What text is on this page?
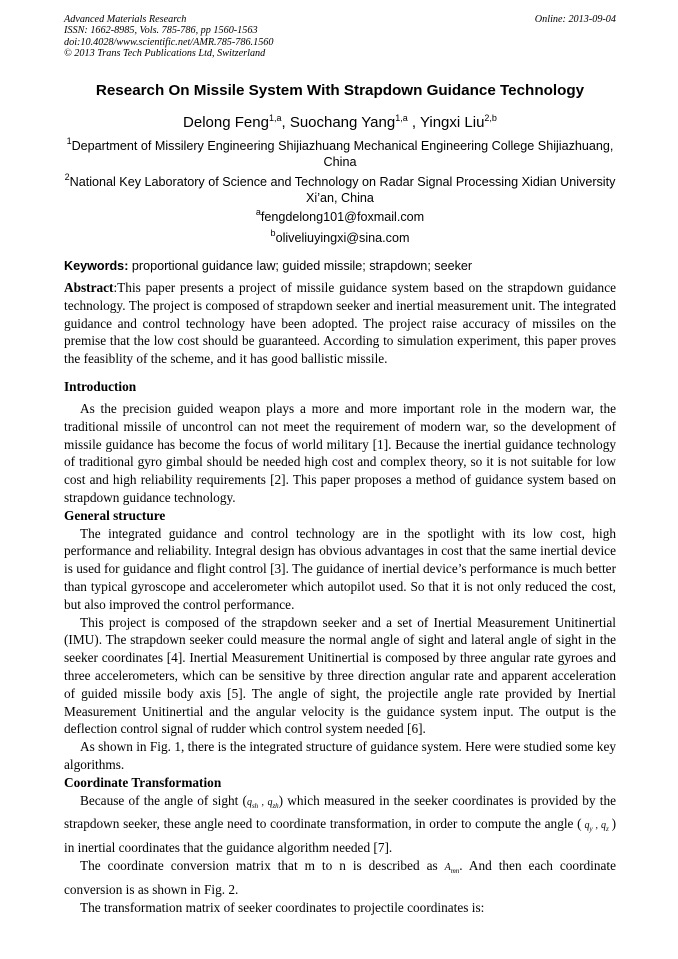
Advanced Materials Research
ISSN: 1662-8985, Vols. 785-786, pp 1560-1563
doi:10.4028/www.scientific.net/AMR.785-786.1560
© 2013 Trans Tech Publications Ltd, Switzerland
Online: 2013-09-04
Research On Missile System With Strapdown Guidance Technology
Delong Feng$^{1,a}$, Suochang Yang$^{1,a}$ , Yingxi Liu$^{2,b}$
$^1$Department of Missilery Engineering Shijiazhuang Mechanical Engineering College Shijiazhuang, China
$^2$National Key Laboratory of Science and Technology on Radar Signal Processing Xidian University Xi’an, China
$^a$fengdelong101@foxmail.com
$^b$oliveliuyingxi@sina.com
Keywords: proportional guidance law; guided missile; strapdown; seeker

Abstract:This paper presents a project of missile guidance system based on the strapdown guidance technology. The project is composed of strapdown seeker and inertial measurement unit. The integrated guidance and control technology have been adopted. The project raise accuracy of missiles on the premise that the low cost should be guaranteed. According to simulation experiment, this paper proves the feasiblity of the scheme, and it has good ballistic missile.

Introduction

As the precision guided weapon plays a more and more important role in the modern war, the traditional missile of uncontrol can not meet the requirement of modern war, so the development of missile guidance has become the focus of world military [1]. Because the inertial guidance technology of traditional gyro gimbal should be needed high cost and complex theory, so it is not suitable for low cost and high reliability requirements [2]. This paper proposes a method of guidance system based on strapdown guidance technology.

General structure

The integrated guidance and control technology are in the spotlight with its low cost, high performance and reliability. Integral design has obvious advantages in cost that the same inertial device is used for guidance and flight control [3]. The guidance of inertial device’s performance is much better than typical gyroscope and accelerometer which autopilot used. So that it is not only reduced the cost, but also improved the control performance.

This project is composed of the strapdown seeker and a set of Inertial Measurement Unitinertial (IMU). The strapdown seeker could measure the normal angle of sight and lateral angle of sight in the seeker coordinates [4]. Inertial Measurement Unitinertial is composed by three angular rate gyroes and three accelerometers, which can be sensitive by three direction angular rate and apparent acceleration of guided missile body axis [5]. The angle of sight, the projectile angle rate provided by Inertial Measurement Unitinertial and the angular velocity is the guidance system input. The output is the deflection control signal of rudder which control system needed [6].

As shown in Fig. 1, there is the integrated structure of guidance system. Here were studied some key algorithms.

Coordinate Transformation

Because of the angle of sight ($q_{sh}$ , $q_{zh}$) which measured in the seeker coordinates is provided by the strapdown seeker, these angle need to coordinate transformation, in order to compute the angle ( $q_y$ , $q_z$ ) in inertial coordinates that the guidance algorithm needed [7].

The coordinate conversion matrix that m to n is described as $A_{mn}$. And then each coordinate conversion is as shown in Fig. 2.

The transformation matrix of seeker coordinates to projectile coordinates is:
